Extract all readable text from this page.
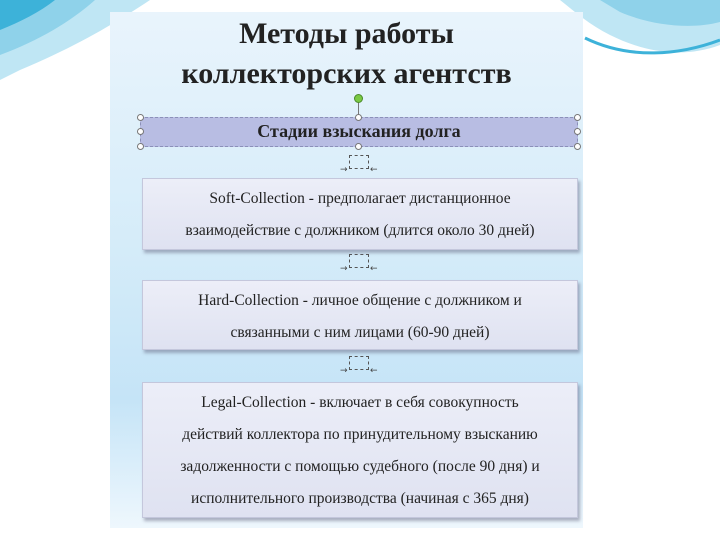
Методы работы
коллекторских агентств
Стадии взыскания долга
→ ←
→ ←
→ ←

Soft-Collection - предполагает дистанционное

взаимодействие с должником (длится около 30 дней)

Hard-Collection - личное общение с должником и

связанными с ним лицами (60-90 дней)

Legal-Collection - включает в себя совокупность

действий коллектора по принудительному взысканию

задолженности с помощью судебного (после 90 дня) и

исполнительного производства (начиная с 365 дня)
